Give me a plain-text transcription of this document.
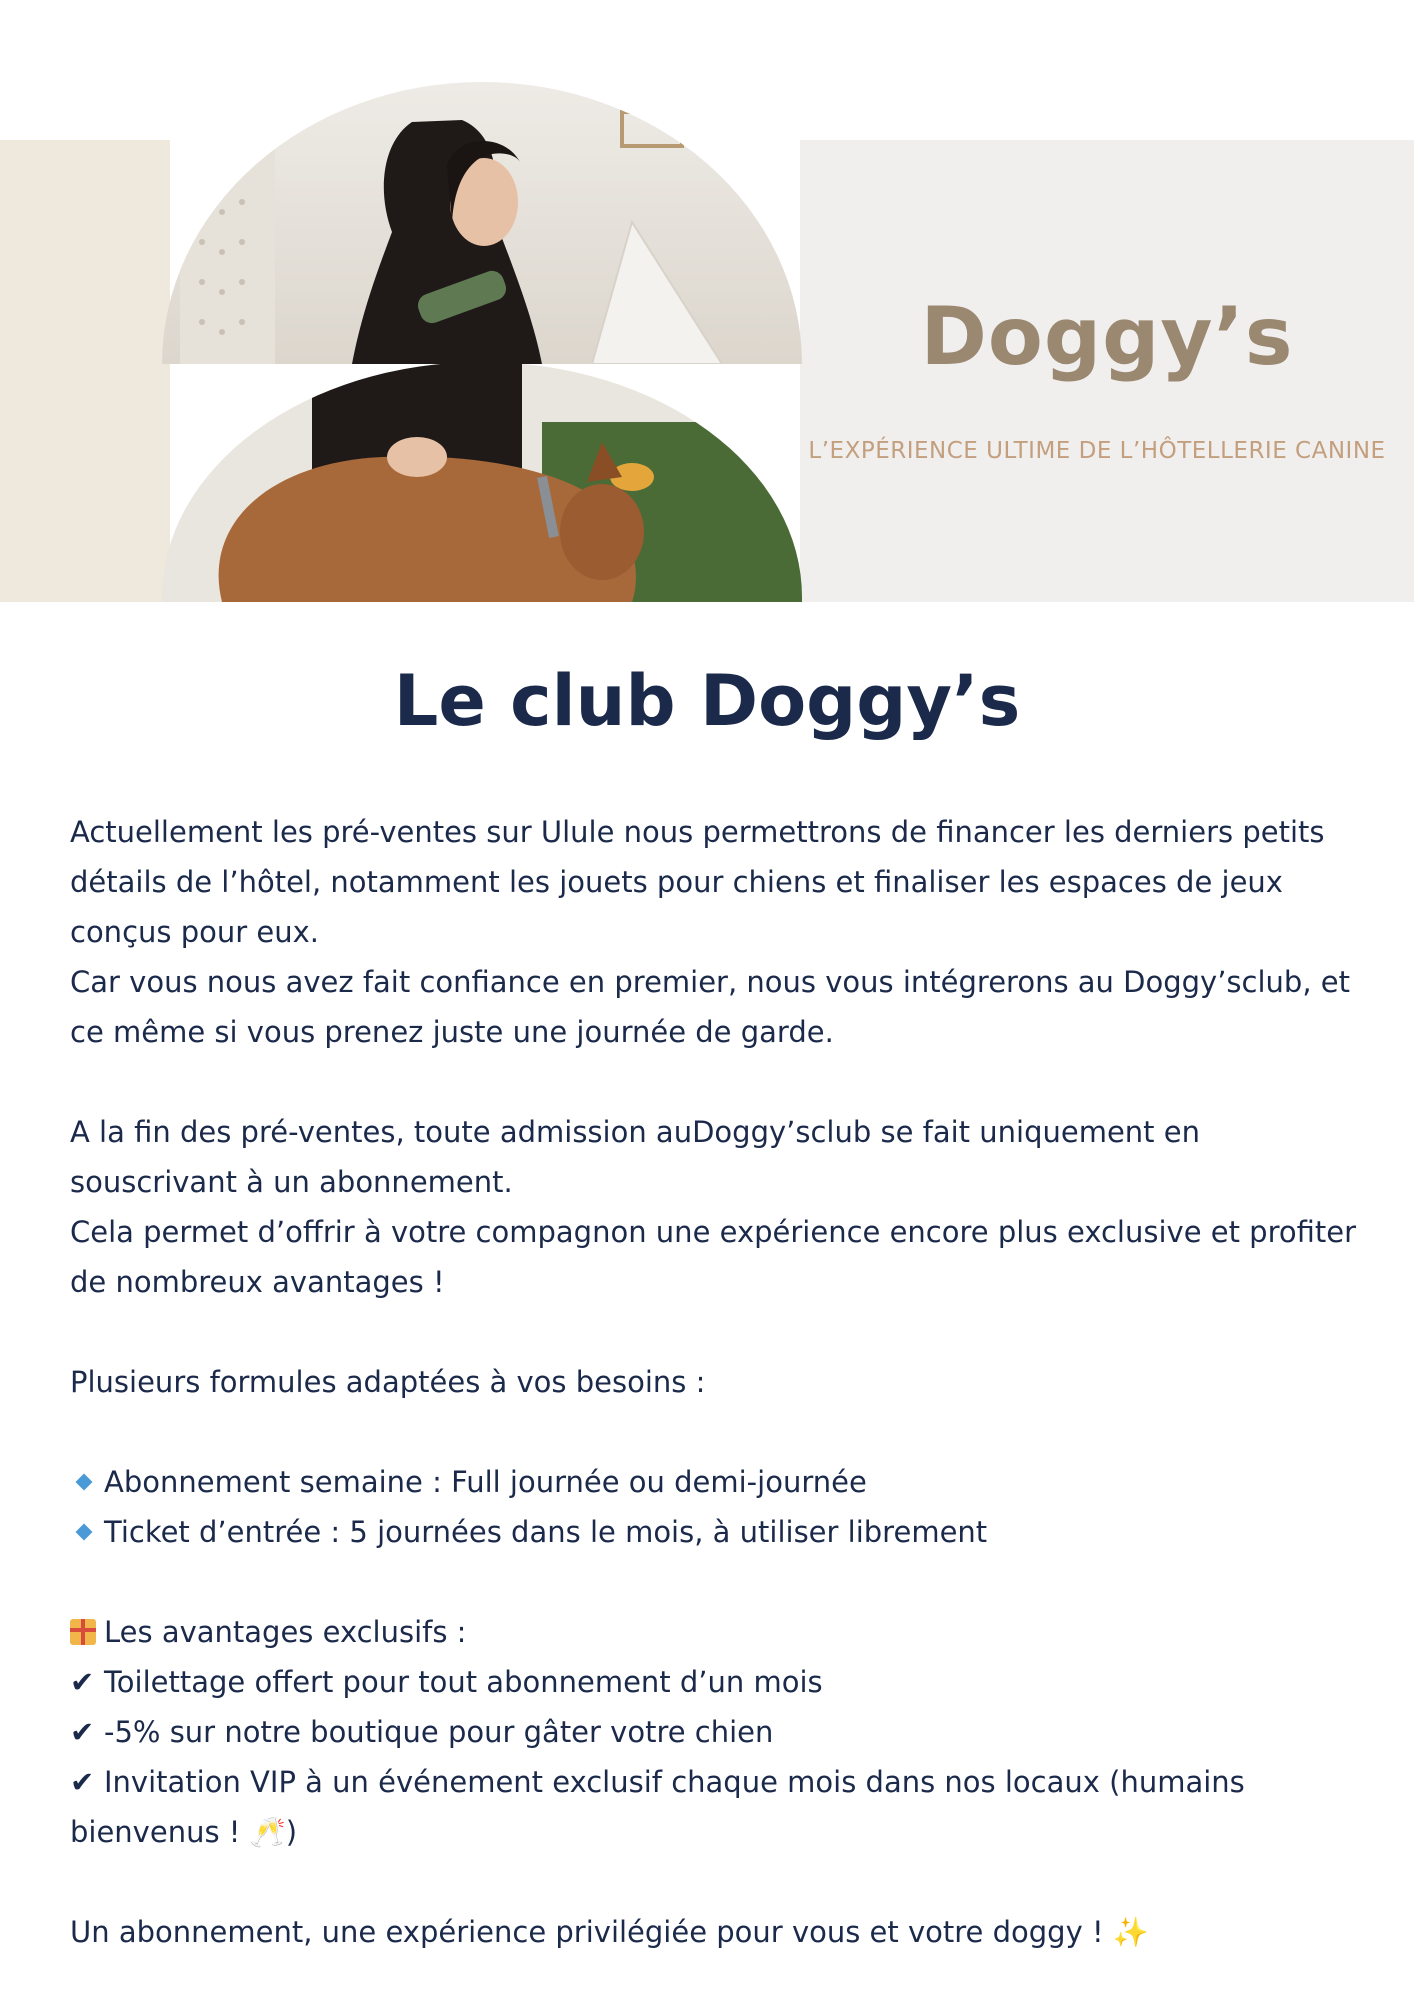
Doggy’s
L’EXPÉRIENCE ULTIME DE L’HÔTELLERIE CANINE
Le club Doggy’s

Actuellement les pré-ventes sur Ulule nous permettrons de financer les derniers petits détails de l’hôtel, notamment les jouets pour chiens et finaliser les espaces de jeux conçus pour eux.

Car vous nous avez fait confiance en premier, nous vous intégrerons au Doggy’sclub, et ce même si vous prenez juste une journée de garde.

A la fin des pré-ventes, toute admission auDoggy’sclub se fait uniquement en souscrivant à un abonnement.

Cela permet d’offrir à votre compagnon une expérience encore plus exclusive et profiter de nombreux avantages !

Plusieurs formules adaptées à vos besoins :

Abonnement semaine : Full journée ou demi-journée
Ticket d’entrée : 5 journées dans le mois, à utiliser librement
Les avantages exclusifs :
✔ Toilettage offert pour tout abonnement d’un mois
✔ -5% sur notre boutique pour gâter votre chien
✔ Invitation VIP à un événement exclusif chaque mois dans nos locaux (humains bienvenus ! 🥂)

Un abonnement, une expérience privilégiée pour vous et votre doggy ! ✨
